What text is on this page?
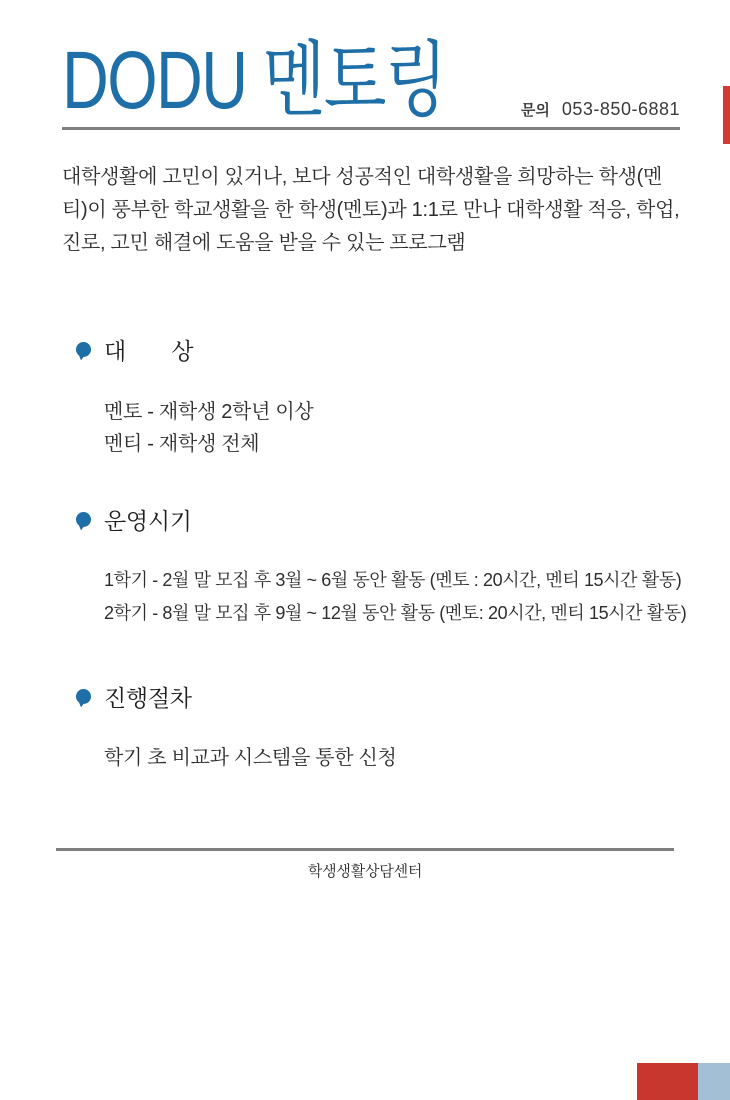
DODU 멘토링	문의 053-850-6881

대학생활에 고민이 있거나, 보다 성공적인 대학생활을 희망하는 학생(멘티)이 풍부한 학교생활을 한 학생(멘토)과 1:1로 만나 대학생활 적응, 학업, 진로, 고민 해결에 도움을 받을 수 있는 프로그램

대　　상
멘토 - 재학생 2학년 이상
멘티 - 재학생 전체
운영시기
1학기 - 2월 말 모집 후 3월 ~ 6월 동안 활동 (멘토 : 20시간, 멘티 15시간 활동)
2학기 - 8월 말 모집 후 9월 ~ 12월 동안 활동 (멘토: 20시간, 멘티 15시간 활동)
진행절차
학기 초 비교과 시스템을 통한 신청
학생생활상담센터
